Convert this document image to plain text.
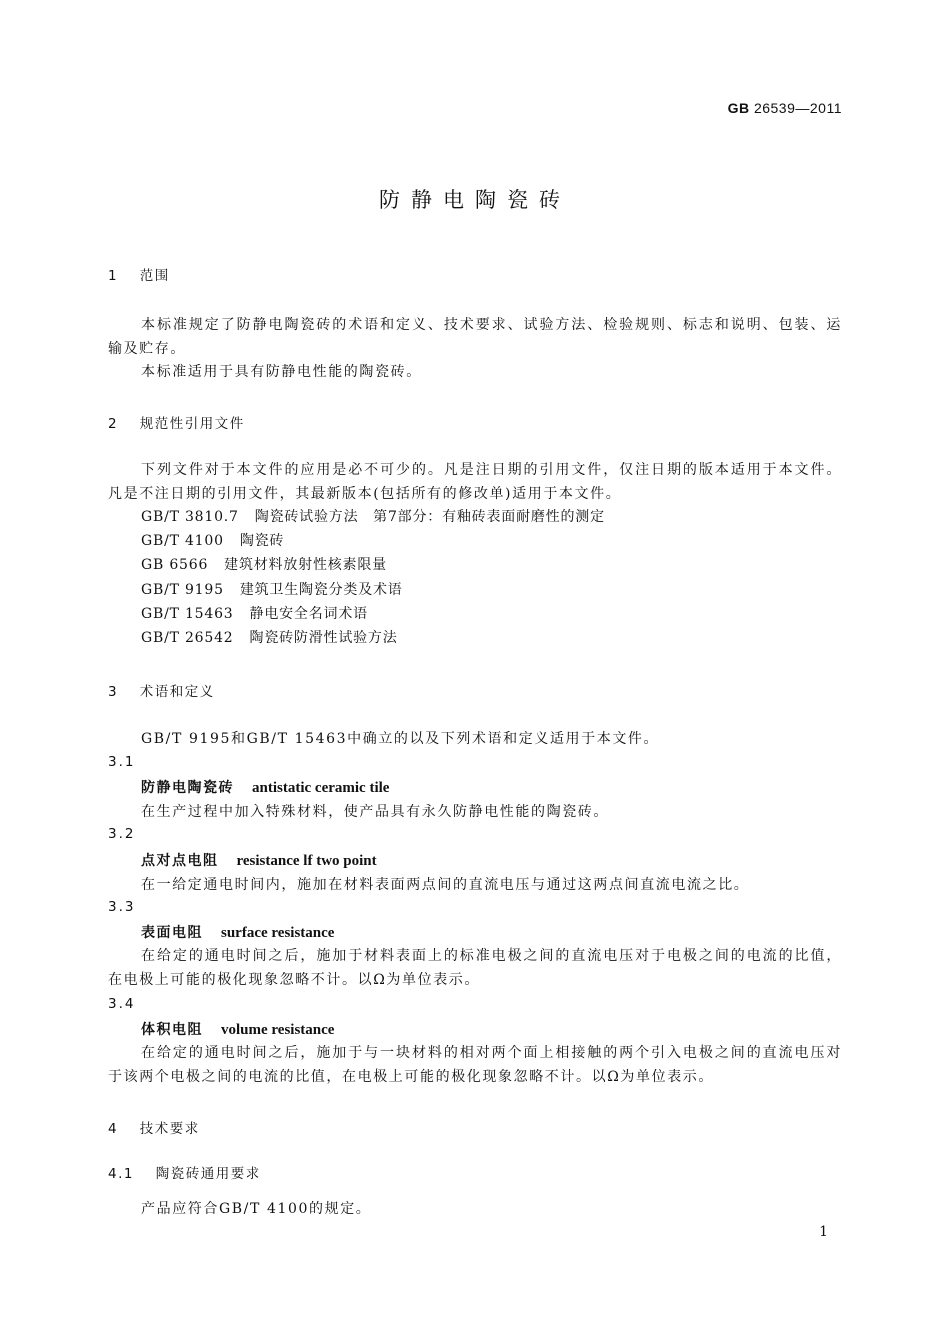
GB 26539—2011
防静电陶瓷砖
1 范围

本标准规定了防静电陶瓷砖的术语和定义、技术要求、试验方法、检验规则、标志和说明、包装、运输及贮存。

本标准适用于具有防静电性能的陶瓷砖。
2 规范性引用文件

下列文件对于本文件的应用是必不可少的。凡是注日期的引用文件，仅注日期的版本适用于本文件。凡是不注日期的引用文件，其最新版本(包括所有的修改单)适用于本文件。

GB/T 3810.7 陶瓷砖试验方法　第7部分：有釉砖表面耐磨性的测定
GB/T 4100 陶瓷砖
GB 6566 建筑材料放射性核素限量
GB/T 9195 建筑卫生陶瓷分类及术语
GB/T 15463 静电安全名词术语
GB/T 26542 陶瓷砖防滑性试验方法
3 术语和定义
GB/T 9195和GB/T 15463中确立的以及下列术语和定义适用于本文件。
3.1
防静电陶瓷砖 antistatic ceramic tile
在生产过程中加入特殊材料，使产品具有永久防静电性能的陶瓷砖。
3.2
点对点电阻 resistance lf two point
在一给定通电时间内，施加在材料表面两点间的直流电压与通过这两点间直流电流之比。
3.3
表面电阻 surface resistance

在给定的通电时间之后，施加于材料表面上的标准电极之间的直流电压对于电极之间的电流的比值，在电极上可能的极化现象忽略不计。以Ω为单位表示。

3.4
体积电阻 volume resistance

在给定的通电时间之后，施加于与一块材料的相对两个面上相接触的两个引入电极之间的直流电压对于该两个电极之间的电流的比值，在电极上可能的极化现象忽略不计。以Ω为单位表示。

4 技术要求
4.1 陶瓷砖通用要求
产品应符合GB/T 4100的规定。
1
